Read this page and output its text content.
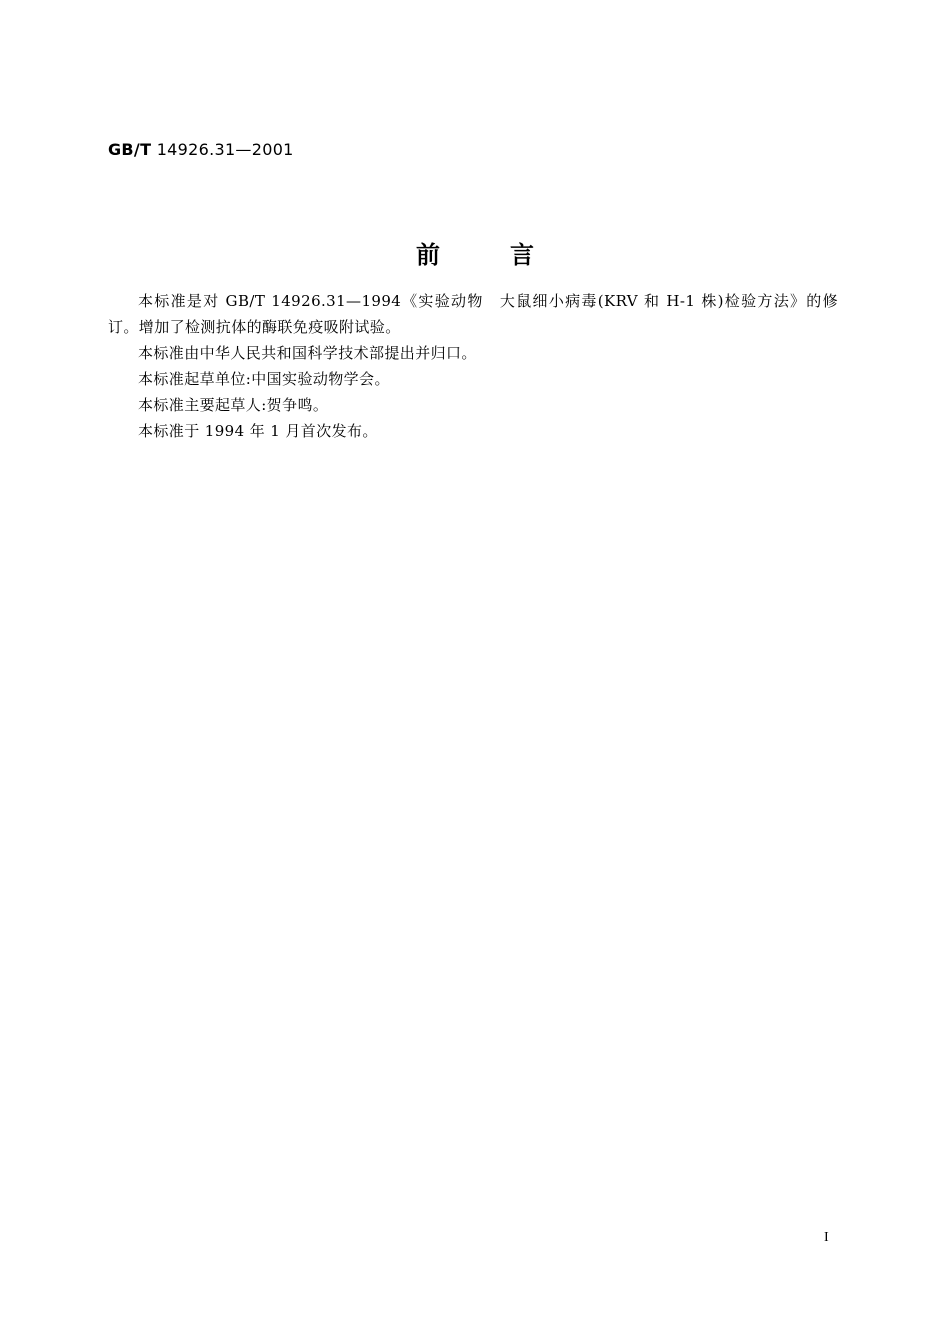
GB/T 14926.31—2001
前言

本标准是对 GB/T 14926.31—1994《实验动物　大鼠细小病毒(KRV 和 H-1 株)检验方法》的修订。增加了检测抗体的酶联免疫吸附试验。

本标准由中华人民共和国科学技术部提出并归口。

本标准起草单位:中国实验动物学会。

本标准主要起草人:贺争鸣。

本标准于 1994 年 1 月首次发布。

I
